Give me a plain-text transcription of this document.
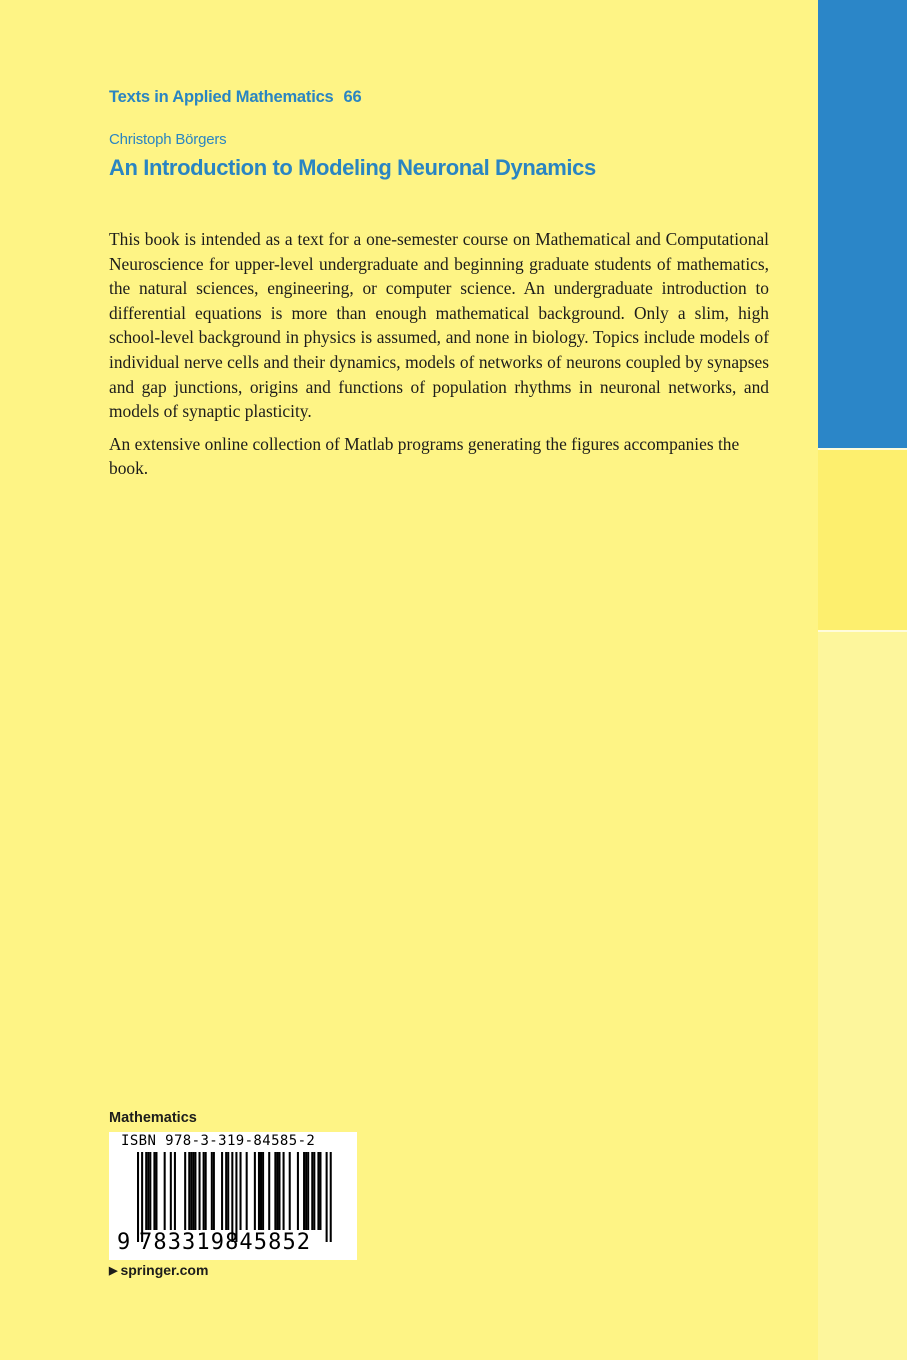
Texts in Applied Mathematics 66
Christoph Börgers
An Introduction to Modeling Neuronal Dynamics

This book is intended as a text for a one-semester course on Mathematical and Computational Neuroscience for upper-level undergraduate and beginning graduate students of mathematics, the natural sciences, engineering, or computer science. An undergraduate introduction to differential equations is more than enough mathematical background. Only a slim, high school-level background in physics is assumed, and none in biology. Topics include models of individual nerve cells and their dynamics, models of networks of neurons coupled by synapses and gap junctions, origins and functions of population rhythms in neuronal networks, and models of synaptic plasticity.

An extensive online collection of Matlab programs generating the figures accompanies the book.

Mathematics
ISBN 978-3-319-84585-2
9 783319845852
▶ springer.com
